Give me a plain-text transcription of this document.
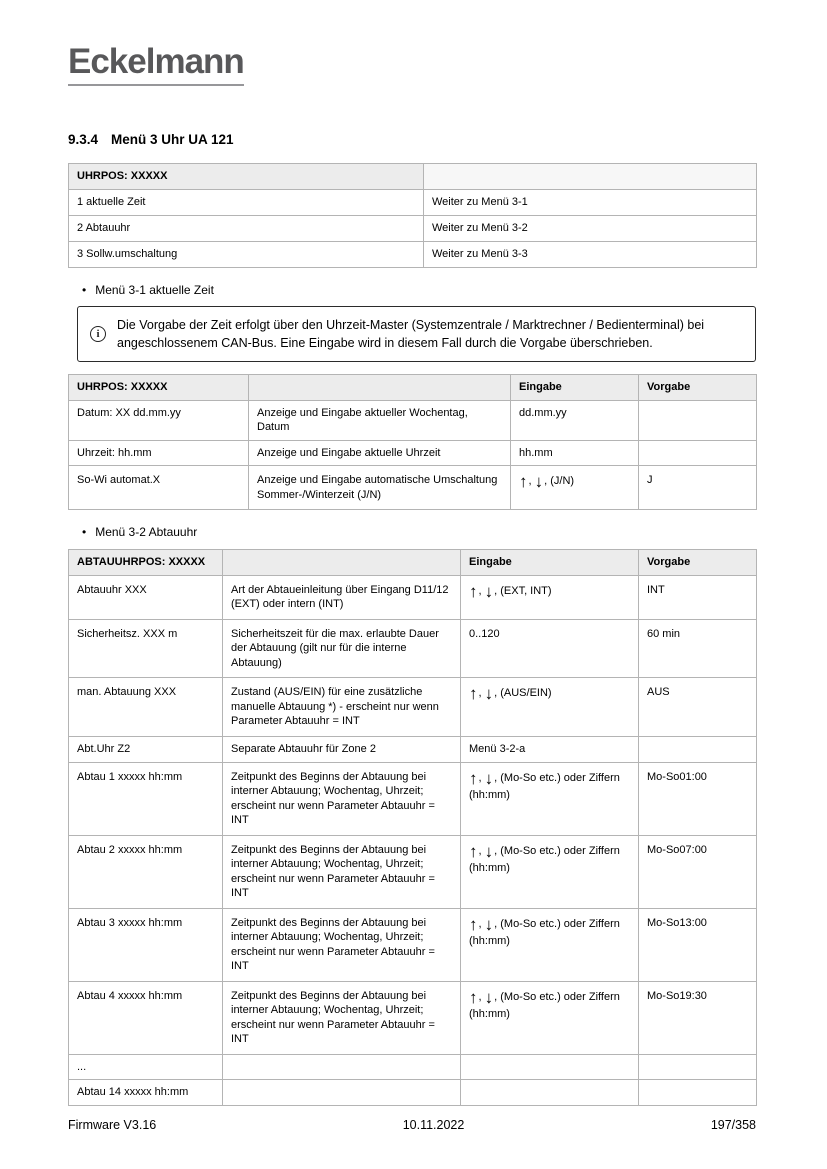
Eckelmann
9.3.4 Menü 3 Uhr UA 121
UHRPOS: XXXXX	
1 aktuelle Zeit	Weiter zu Menü 3-1
2 Abtauuhr	Weiter zu Menü 3-2
3 Sollw.umschaltung	Weiter zu Menü 3-3
• Menü 3-1 aktuelle Zeit
i
Die Vorgabe der Zeit erfolgt über den Uhrzeit-Master (Systemzentrale / Marktrechner / Bedienterminal) bei angeschlossenem CAN-Bus. Eine Eingabe wird in diesem Fall durch die Vorgabe überschrieben.
UHRPOS: XXXXX		Eingabe	Vorgabe
Datum: XX dd.mm.yy	Anzeige und Eingabe aktueller Wochentag, Datum	dd.mm.yy	
Uhrzeit: hh.mm	Anzeige und Eingabe aktuelle Uhrzeit	hh.mm	
So-Wi automat.X	Anzeige und Eingabe automatische Umschaltung Sommer-/Winterzeit (J/N)	↑, ↓, (J/N)	J
• Menü 3-2 Abtauuhr
ABTAUUHRPOS: XXXXX		Eingabe	Vorgabe
Abtauuhr XXX	Art der Abtaueinleitung über Eingang D11/12 (EXT) oder intern (INT)	↑, ↓, (EXT, INT)	INT
Sicherheitsz. XXX m	Sicherheitszeit für die max. erlaubte Dauer der Abtauung (gilt nur für die interne Abtauung)	0..120	60 min
man. Abtauung XXX	Zustand (AUS/EIN) für eine zusätzliche manuelle Abtauung *) - erscheint nur wenn Parameter Abtauuhr = INT	↑, ↓, (AUS/EIN)	AUS
Abt.Uhr Z2	Separate Abtauuhr für Zone 2	Menü 3-2-a	
Abtau 1 xxxxx hh:mm	Zeitpunkt des Beginns der Abtauung bei interner Abtauung; Wochentag, Uhrzeit; erscheint nur wenn Parameter Abtauuhr = INT	↑, ↓, (Mo-So etc.) oder Ziffern (hh:mm)	Mo-So01:00
Abtau 2 xxxxx hh:mm	Zeitpunkt des Beginns der Abtauung bei interner Abtauung; Wochentag, Uhrzeit; erscheint nur wenn Parameter Abtauuhr = INT	↑, ↓, (Mo-So etc.) oder Ziffern (hh:mm)	Mo-So07:00
Abtau 3 xxxxx hh:mm	Zeitpunkt des Beginns der Abtauung bei interner Abtauung; Wochentag, Uhrzeit; erscheint nur wenn Parameter Abtauuhr = INT	↑, ↓, (Mo-So etc.) oder Ziffern (hh:mm)	Mo-So13:00
Abtau 4 xxxxx hh:mm	Zeitpunkt des Beginns der Abtauung bei interner Abtauung; Wochentag, Uhrzeit; erscheint nur wenn Parameter Abtauuhr = INT	↑, ↓, (Mo-So etc.) oder Ziffern (hh:mm)	Mo-So19:30
...			
Abtau 14 xxxxx hh:mm			
Firmware V3.16	10.11.2022	197/358
